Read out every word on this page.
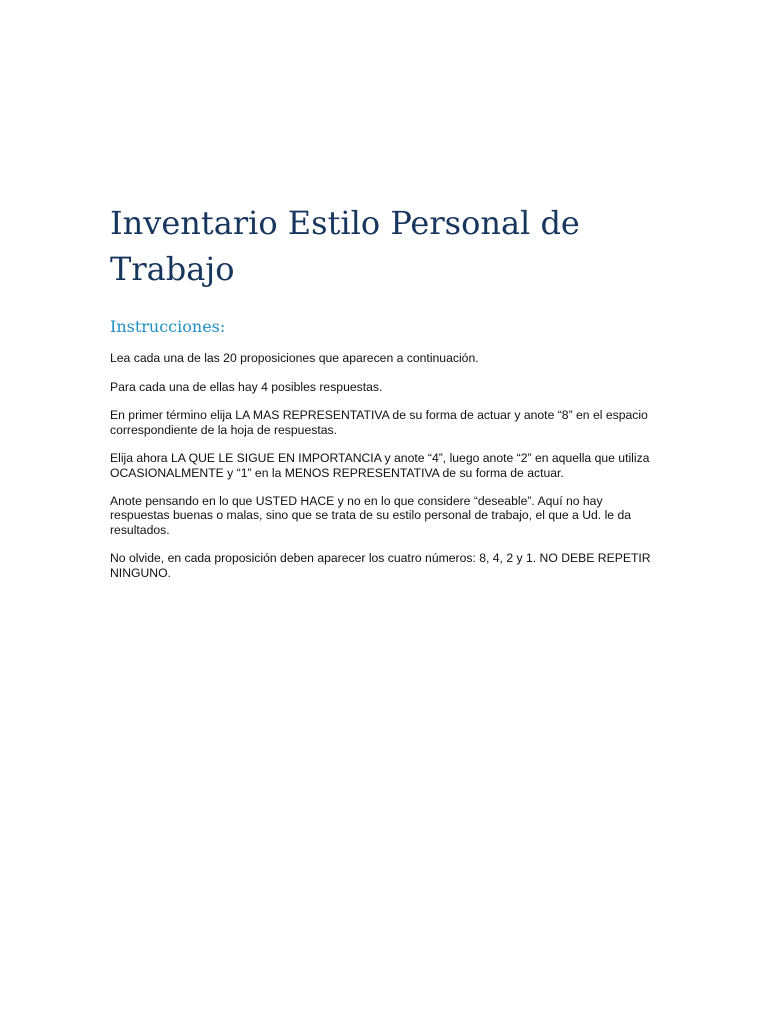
Inventario Estilo Personal de Trabajo
Instrucciones:

Lea cada una de las 20 proposiciones que aparecen a continuación.

Para cada una de ellas hay 4 posibles respuestas.

En primer término elija LA MAS REPRESENTATIVA de su forma de actuar y anote “8” en el espacio correspondiente de la hoja de respuestas.

Elija ahora LA QUE LE SIGUE EN IMPORTANCIA y anote “4”, luego anote “2” en aquella que utiliza OCASIONALMENTE y “1” en la MENOS REPRESENTATIVA de su forma de actuar.

Anote pensando en lo que USTED HACE y no en lo que considere “deseable”. Aquí no hay respuestas buenas o malas, sino que se trata de su estilo personal de trabajo, el que a Ud. le da resultados.

No olvide, en cada proposición deben aparecer los cuatro números: 8, 4, 2 y 1. NO DEBE REPETIR NINGUNO.
